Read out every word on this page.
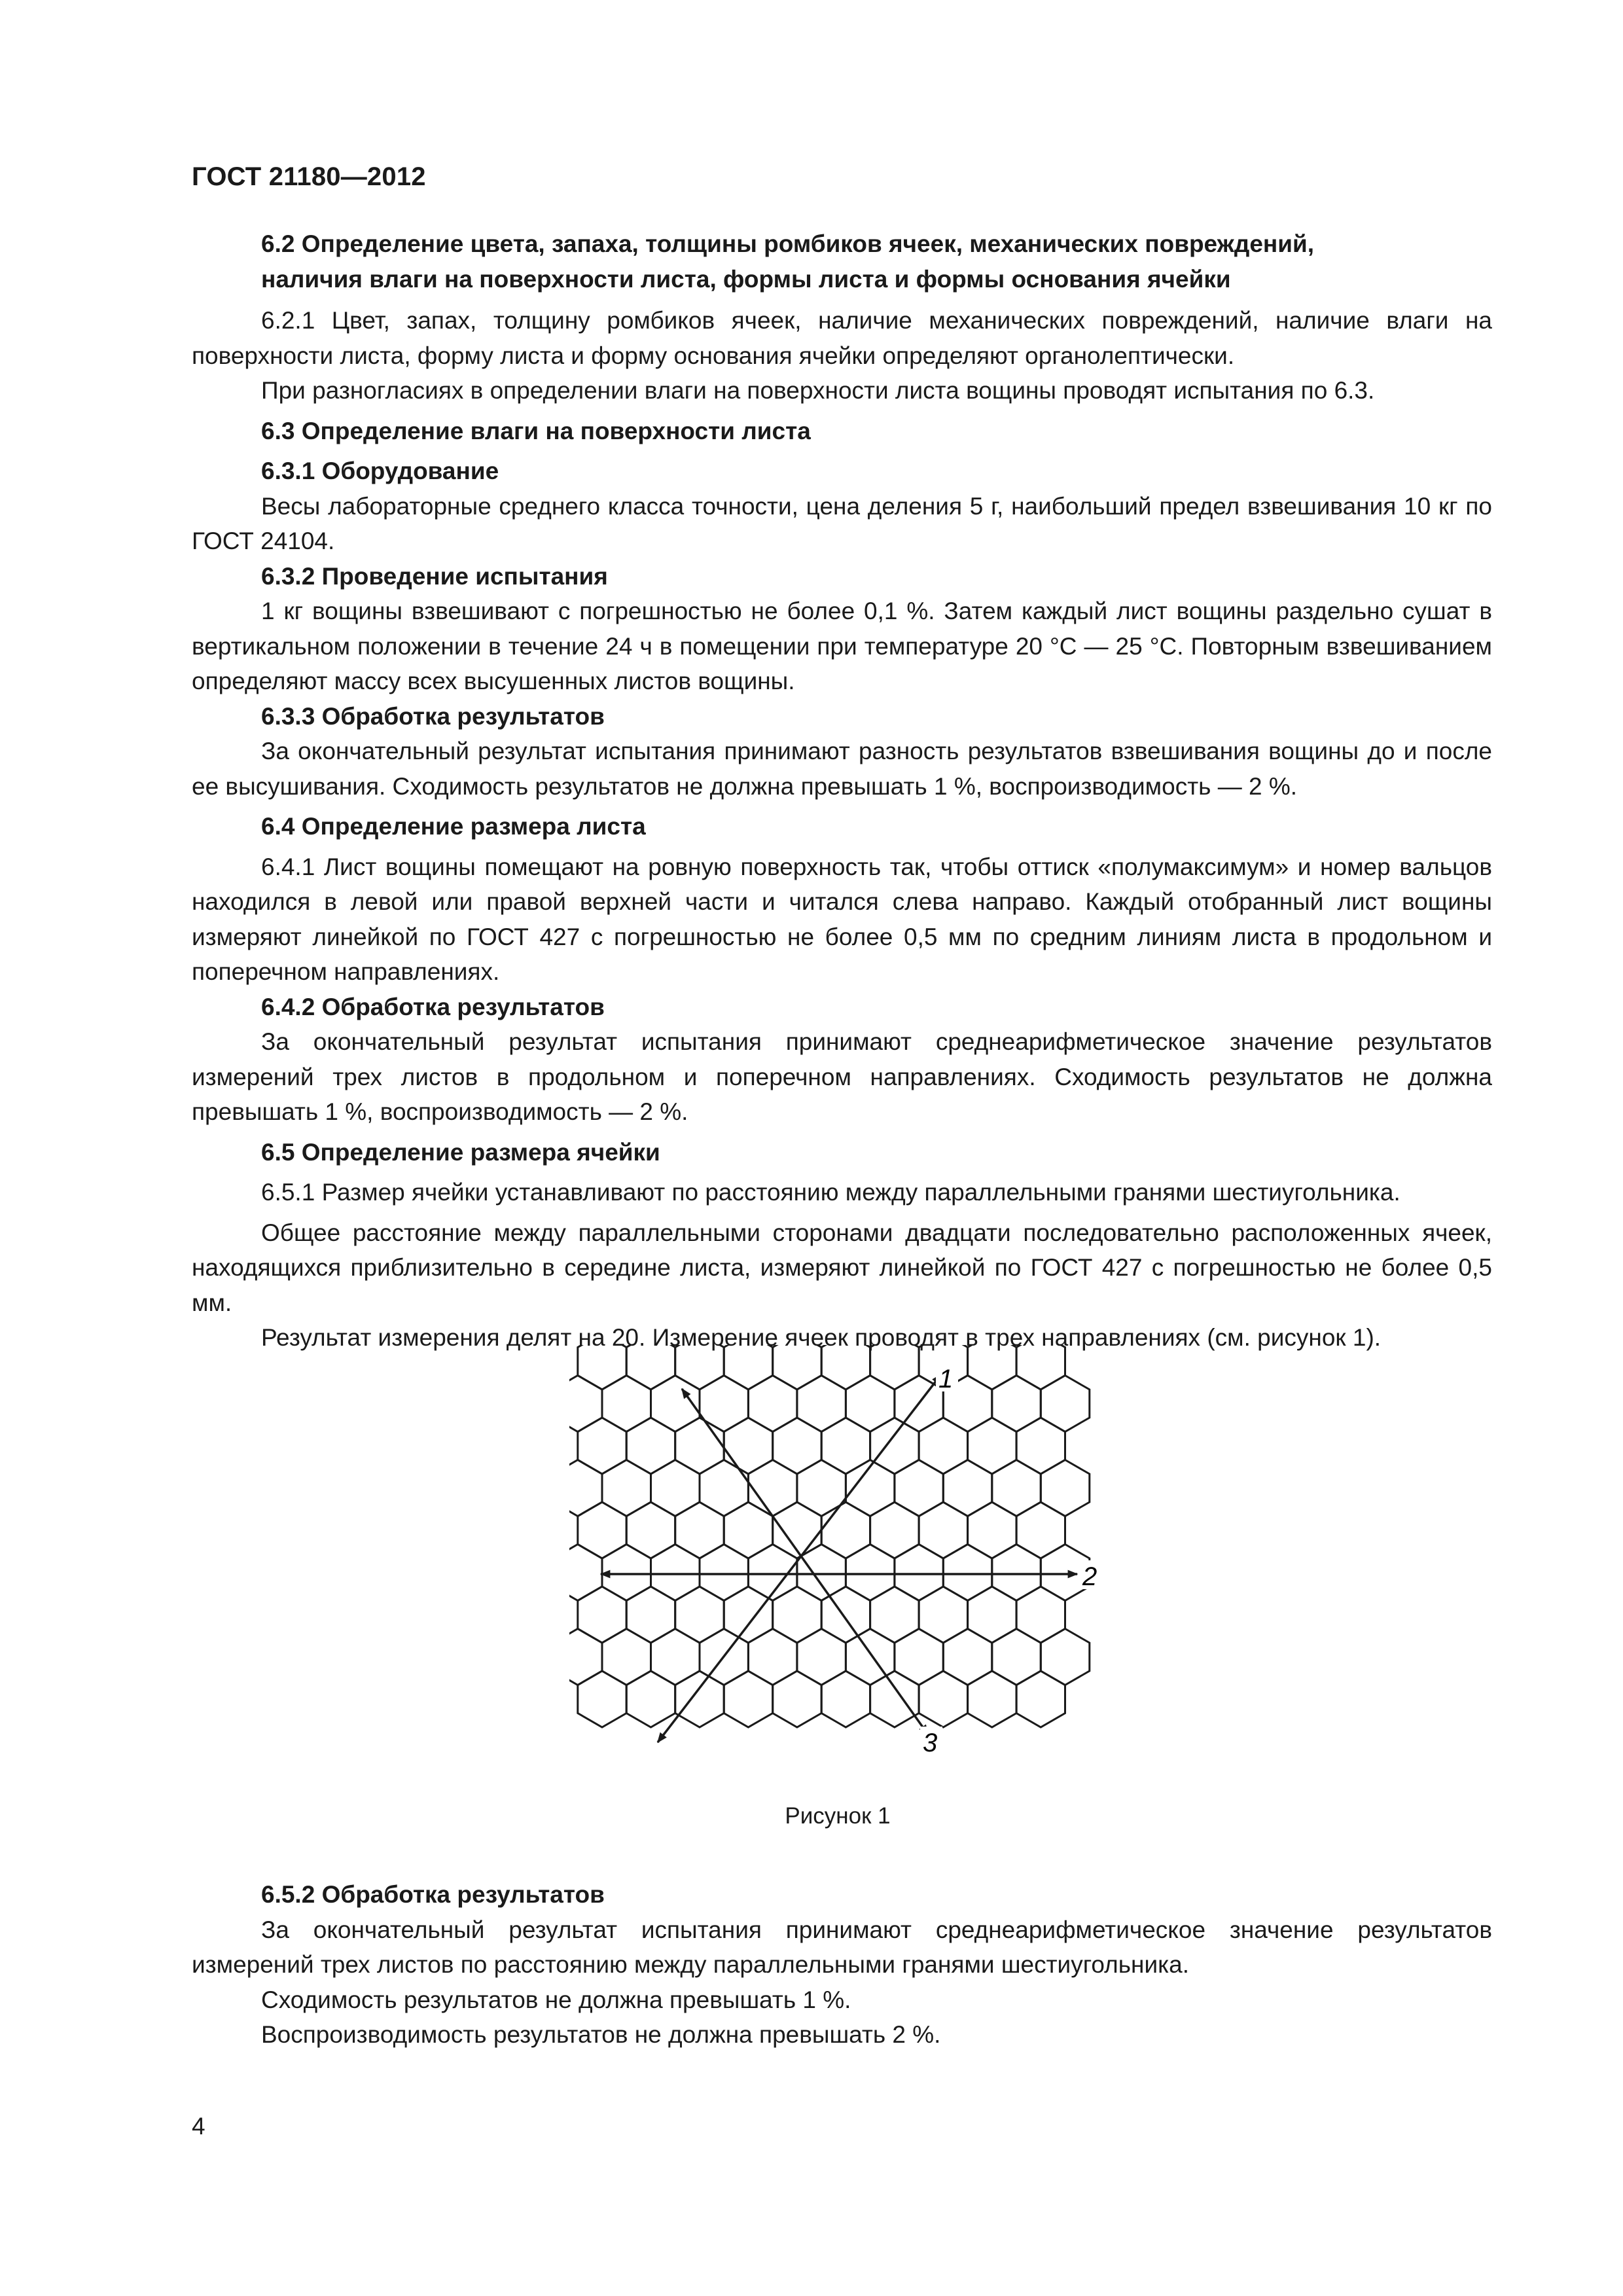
ГОСТ 21180—2012

6.2 Определение цвета, запаха, толщины ромбиков ячеек, механических повреждений,

наличия влаги на поверхности листа, формы листа и формы основания ячейки

6.2.1 Цвет, запах, толщину ромбиков ячеек, наличие механических повреждений, наличие влаги на поверхности листа, форму листа и форму основания ячейки определяют органолептически.

При разногласиях в определении влаги на поверхности листа вощины проводят испытания по 6.3.

6.3 Определение влаги на поверхности листа

6.3.1 Оборудование

Весы лабораторные среднего класса точности, цена деления 5 г, наибольший предел взвешивания 10 кг по ГОСТ 24104.

6.3.2 Проведение испытания

1 кг вощины взвешивают с погрешностью не более 0,1 %. Затем каждый лист вощины раздельно сушат в вертикальном положении в течение 24 ч в помещении при температуре 20 °С — 25 °С. Повторным взвешиванием определяют массу всех высушенных листов вощины.

6.3.3 Обработка результатов

За окончательный результат испытания принимают разность результатов взвешивания вощины до и после ее высушивания. Сходимость результатов не должна превышать 1 %, воспроизводимость — 2 %.

6.4 Определение размера листа

6.4.1 Лист вощины помещают на ровную поверхность так, чтобы оттиск «полумаксимум» и номер вальцов находился в левой или правой верхней части и читался слева направо. Каждый отобранный лист вощины измеряют линейкой по ГОСТ 427 с погрешностью не более 0,5 мм по средним линиям листа в продольном и поперечном направлениях.

6.4.2 Обработка результатов

За окончательный результат испытания принимают среднеарифметическое значение результатов измерений трех листов в продольном и поперечном направлениях. Сходимость результатов не должна превышать 1 %, воспроизводимость — 2 %.

6.5 Определение размера ячейки

6.5.1 Размер ячейки устанавливают по расстоянию между параллельными гранями шестиугольника.

Общее расстояние между параллельными сторонами двадцати последовательно расположенных ячеек, находящихся приблизительно в середине листа, измеряют линейкой по ГОСТ 427 с погрешностью не более 0,5 мм.

Результат измерения делят на 20. Измерение ячеек проводят в трех направлениях (см. рисунок 1).

1
2
3
Рисунок 1

6.5.2 Обработка результатов

За окончательный результат испытания принимают среднеарифметическое значение результатов измерений трех листов по расстоянию между параллельными гранями шестиугольника.

Сходимость результатов не должна превышать 1 %.

Воспроизводимость результатов не должна превышать 2 %.

4
